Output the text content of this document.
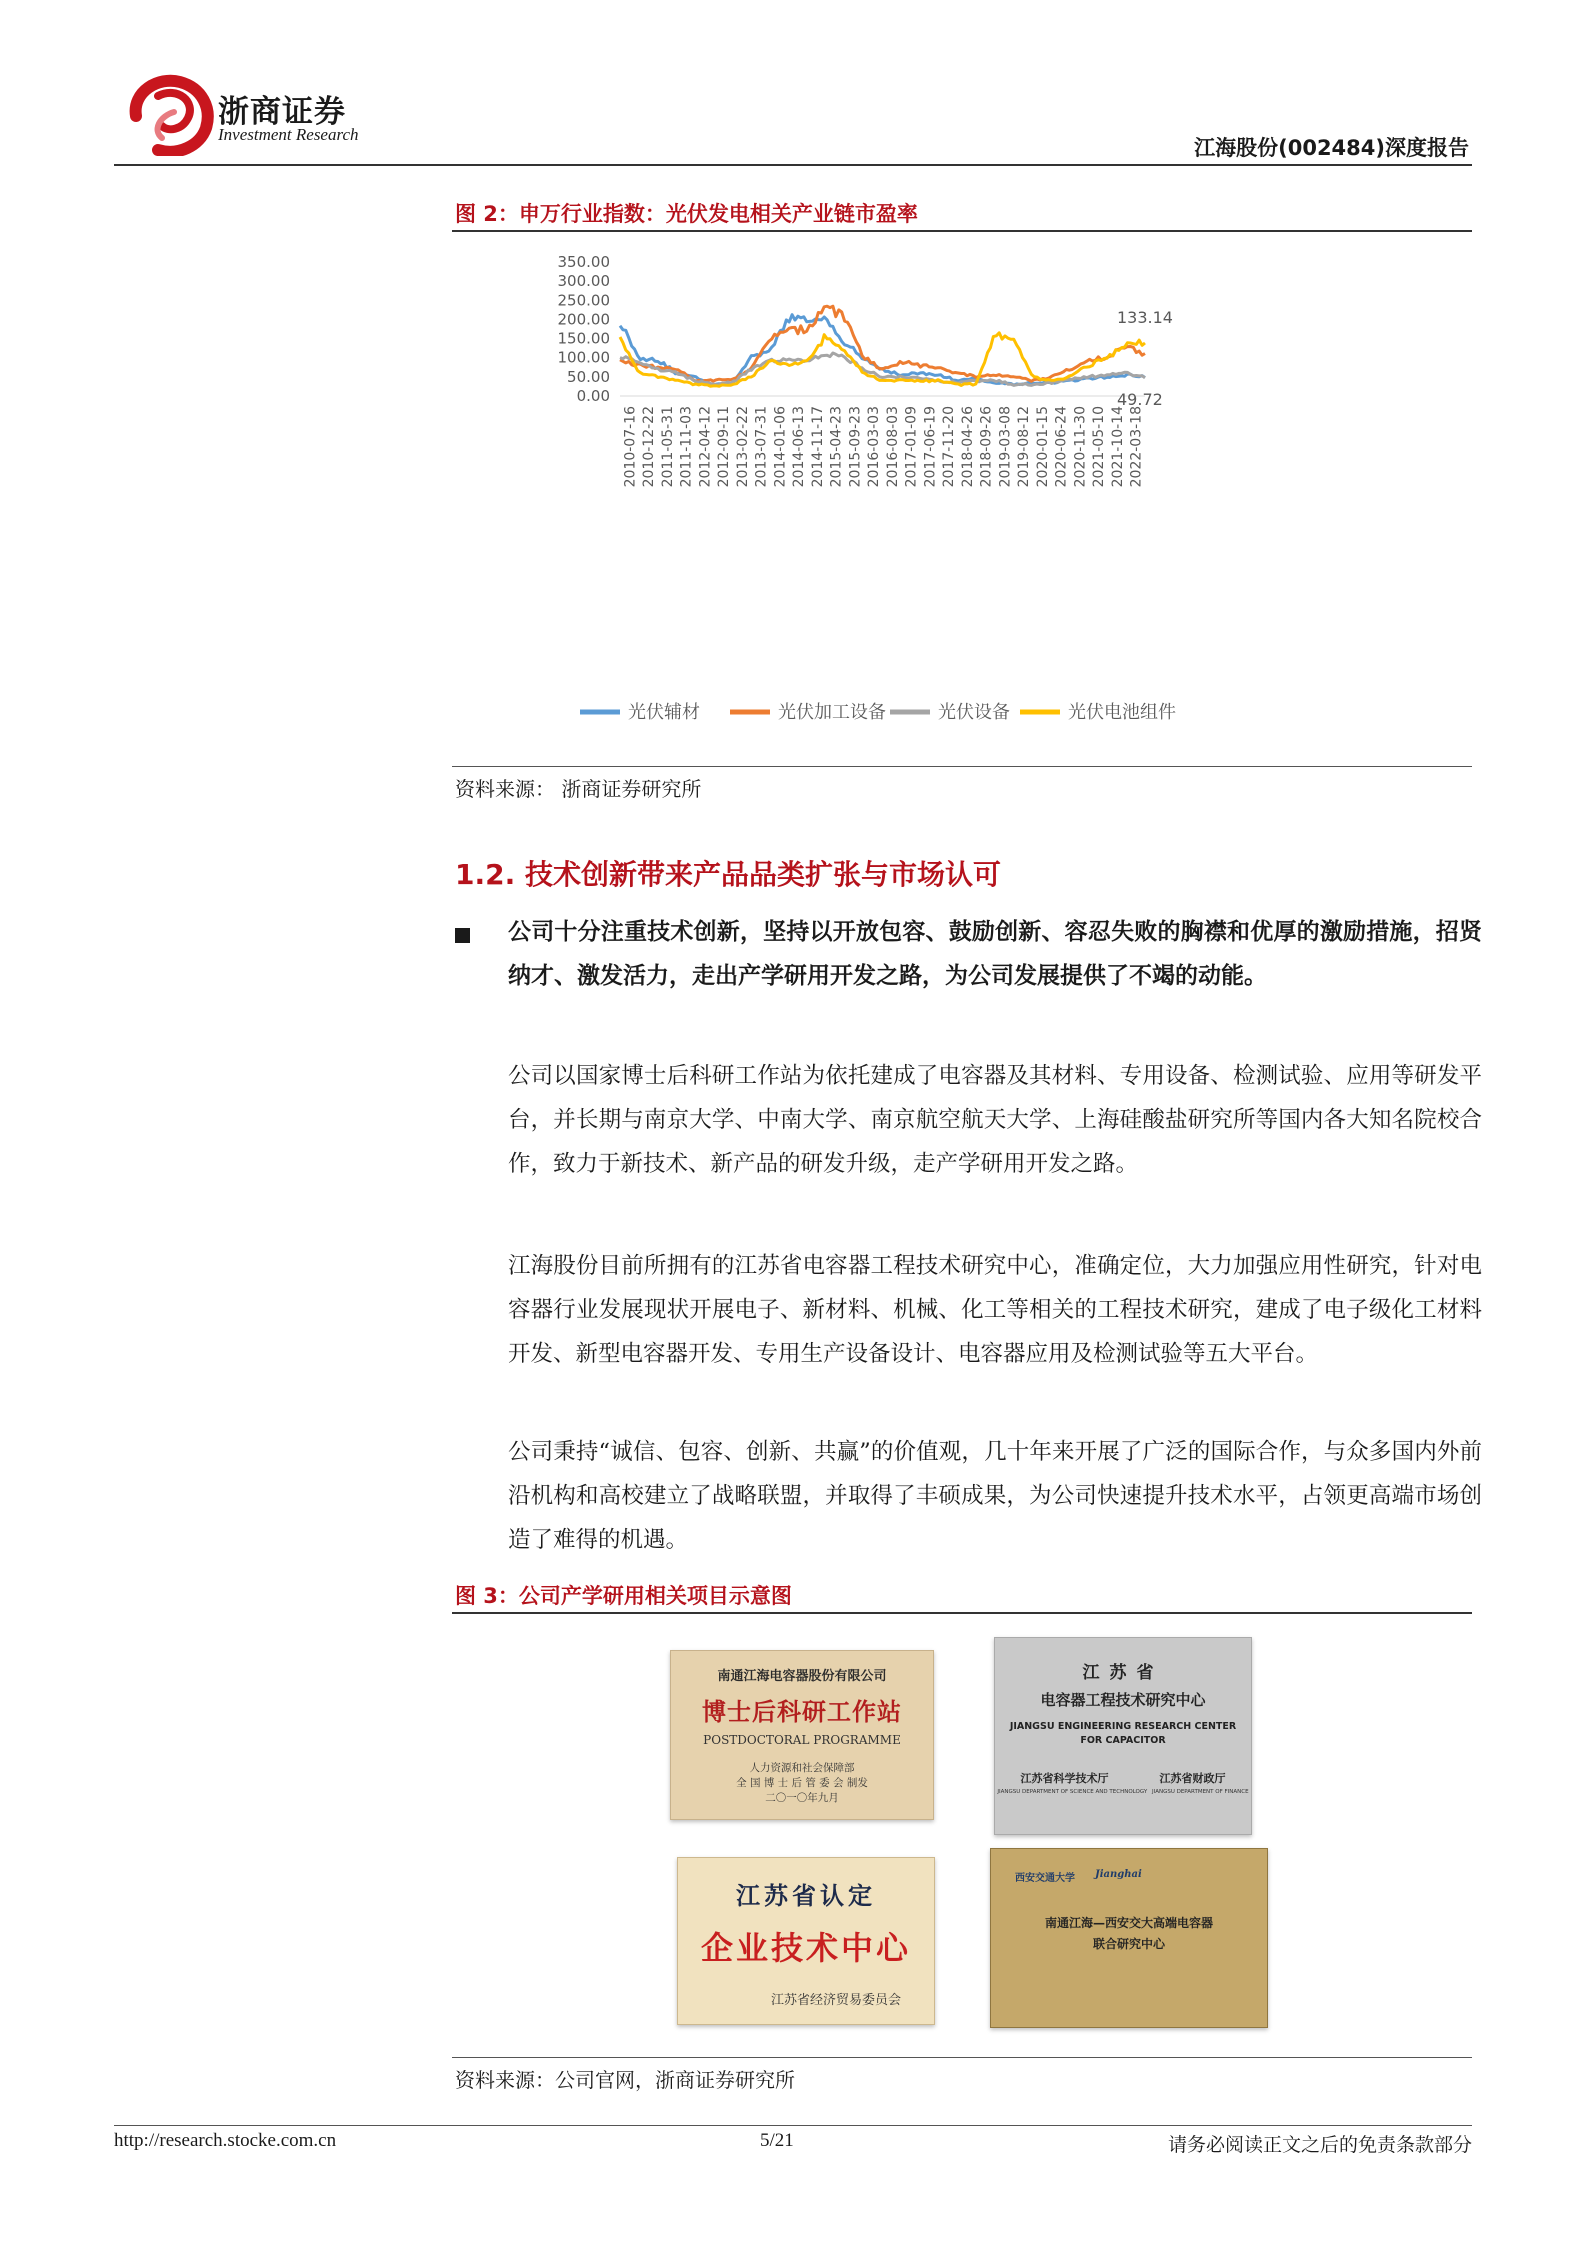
浙商证券
Investment Research
江海股份(002484)深度报告
图 2：申万行业指数：光伏发电相关产业链市盈率
350.00
300.00
250.00
200.00
150.00
100.00
50.00
0.00
2010-07-16 2010-12-22 2011-05-31 2011-11-03 2012-04-12 2012-09-11 2013-02-22 2013-07-31 2014-01-06 2014-06-13 2014-11-17 2015-04-23 2015-09-23 2016-03-03 2016-08-03 2017-01-09 2017-06-19 2017-11-20 2018-04-26 2018-09-26 2019-03-08 2019-08-12 2020-01-15 2020-06-24 2020-11-30 2021-05-10 2021-10-14 2022-03-18
133.14
49.72
光伏辅材	光伏加工设备	光伏设备	光伏电池组件
资料来源： 浙商证券研究所
1.2. 技术创新带来产品品类扩张与市场认可
公司十分注重技术创新，坚持以开放包容、鼓励创新、容忍失败的胸襟和优厚的激励措施，招贤纳才、激发活力，走出产学研用开发之路，为公司发展提供了不竭的动能。
公司以国家博士后科研工作站为依托建成了电容器及其材料、专用设备、检测试验、应用等研发平台，并长期与南京大学、中南大学、南京航空航天大学、上海硅酸盐研究所等国内各大知名院校合作，致力于新技术、新产品的研发升级，走产学研用开发之路。
江海股份目前所拥有的江苏省电容器工程技术研究中心，准确定位，大力加强应用性研究，针对电容器行业发展现状开展电子、新材料、机械、化工等相关的工程技术研究，建成了电子级化工材料开发、新型电容器开发、专用生产设备设计、电容器应用及检测试验等五大平台。
公司秉持“诚信、包容、创新、共赢”的价值观，几十年来开展了广泛的国际合作，与众多国内外前沿机构和高校建立了战略联盟，并取得了丰硕成果，为公司快速提升技术水平，占领更高端市场创造了难得的机遇。
图 3：公司产学研用相关项目示意图
南通江海电容器股份有限公司
博士后科研工作站
POSTDOCTORAL PROGRAMME
人力资源和社会保障部
全 国 博 士 后 管 委 会 制发
二〇一〇年九月
江苏省
电容器工程技术研究中心
JIANGSU ENGINEERING RESEARCH CENTER
FOR CAPACITOR
江苏省科学技术厅	江苏省财政厅
JIANGSU DEPARTMENT OF SCIENCE AND TECHNOLOGY JIANGSU DEPARTMENT OF FINANCE
江苏省认定
企业技术中心
江苏省经济贸易委员会
西安交通大学 Jianghai
南通江海—西安交大高端电容器
联合研究中心
资料来源：公司官网，浙商证券研究所
http://research.stocke.com.cn	5/21	请务必阅读正文之后的免责条款部分
